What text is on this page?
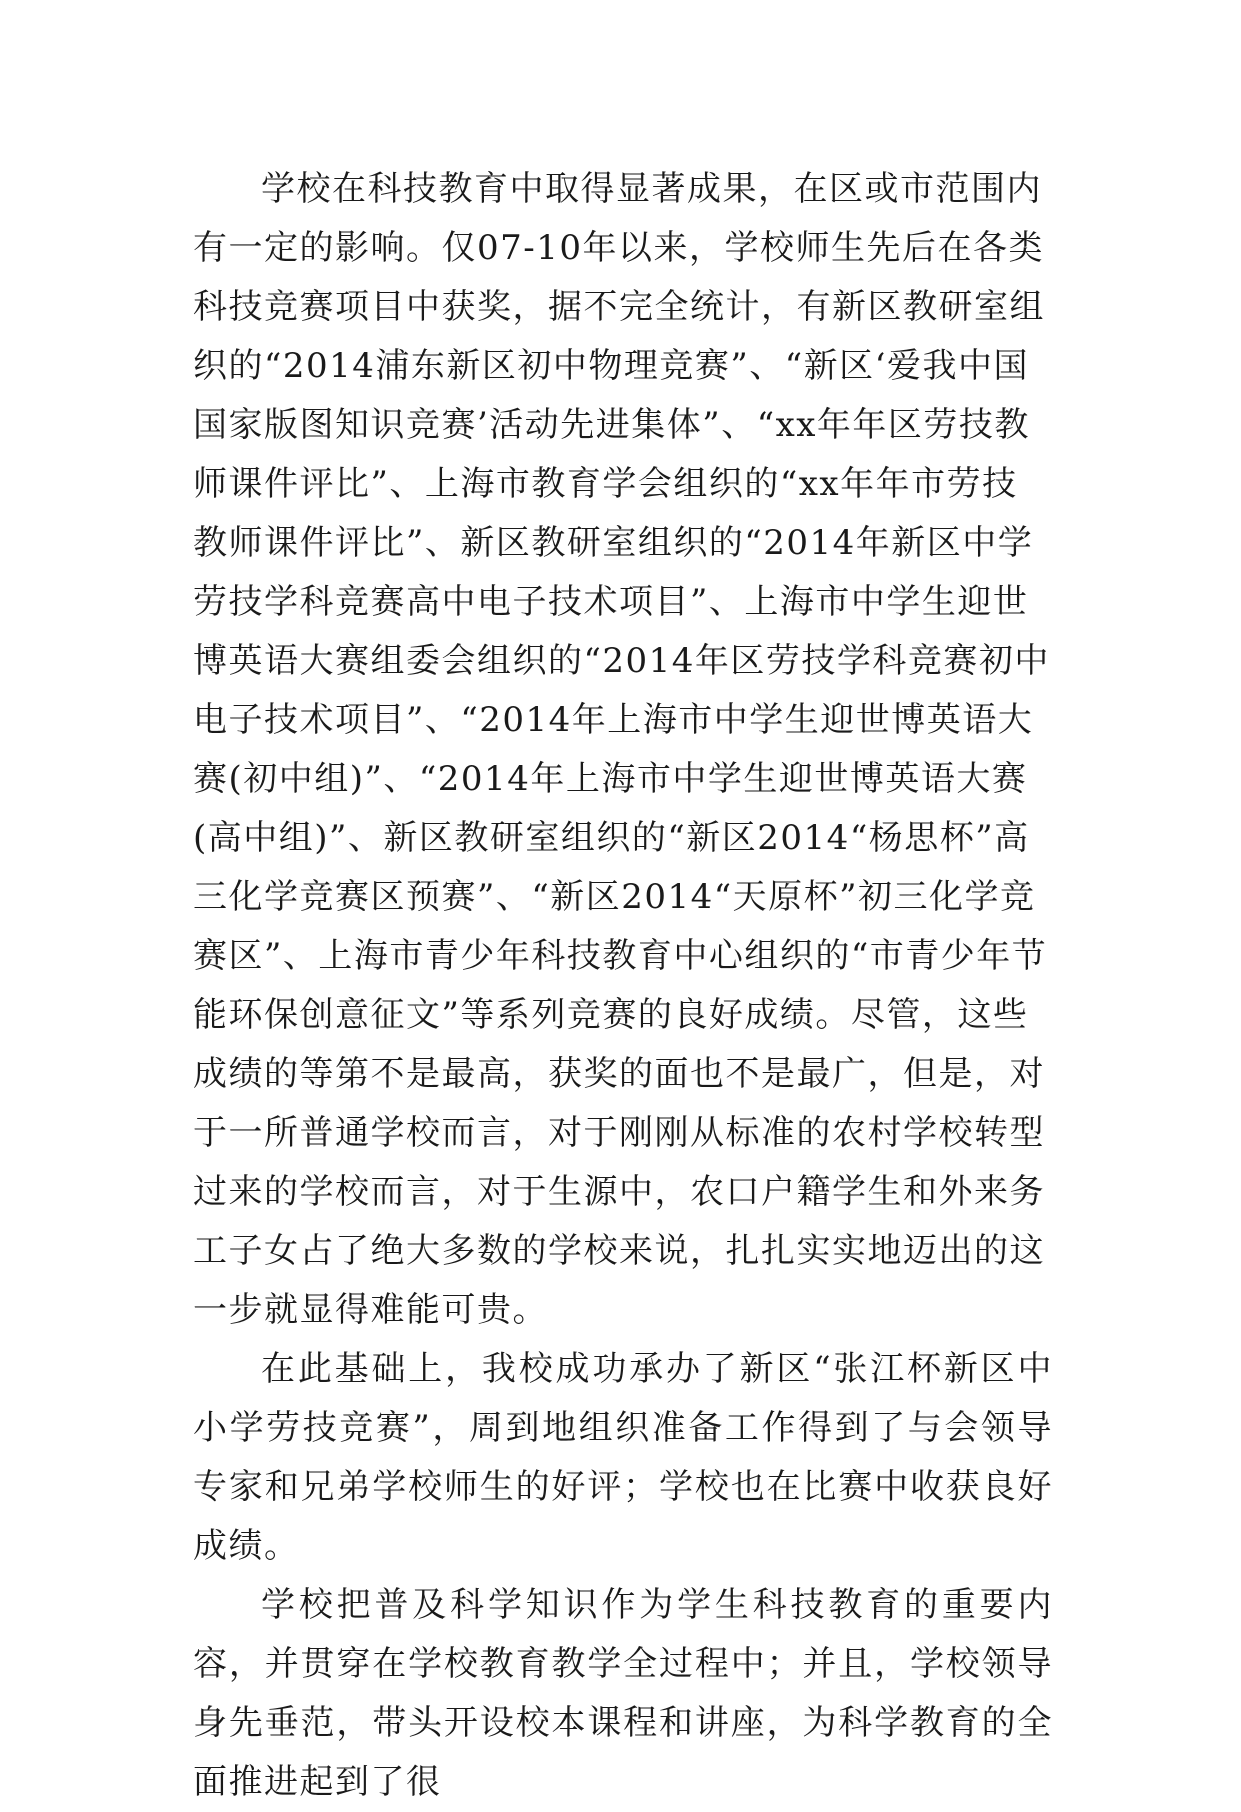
学校在科技教育中取得显著成果，在区或市范围内有一定的影响。仅07-10年以来，学校师生先后在各类科技竞赛项目中获奖，据不完全统计，有新区教研室组织的“2014浦东新区初中物理竞赛”、“新区‘爱我中国国家版图知识竞赛’活动先进集体”、“xx年年区劳技教师课件评比”、上海市教育学会组织的“xx年年市劳技教师课件评比”、新区教研室组织的“2014年新区中学劳技学科竞赛高中电子技术项目”、上海市中学生迎世博英语大赛组委会组织的“2014年区劳技学科竞赛初中电子技术项目”、“2014年上海市中学生迎世博英语大赛(初中组)”、“2014年上海市中学生迎世博英语大赛(高中组)”、新区教研室组织的“新区2014“杨思杯”高三化学竞赛区预赛”、“新区2014“天原杯”初三化学竞赛区”、上海市青少年科技教育中心组织的“市青少年节能环保创意征文”等系列竞赛的良好成绩。尽管，这些成绩的等第不是最高，获奖的面也不是最广，但是，对于一所普通学校而言，对于刚刚从标准的农村学校转型过来的学校而言，对于生源中，农口户籍学生和外来务工子女占了绝大多数的学校来说，扎扎实实地迈出的这一步就显得难能可贵。

在此基础上，我校成功承办了新区“张江杯新区中小学劳技竞赛”，周到地组织准备工作得到了与会领导专家和兄弟学校师生的好评；学校也在比赛中收获良好成绩。

学校把普及科学知识作为学生科技教育的重要内容，并贯穿在学校教育教学全过程中；并且，学校领导身先垂范，带头开设校本课程和讲座，为科学教育的全面推进起到了很
